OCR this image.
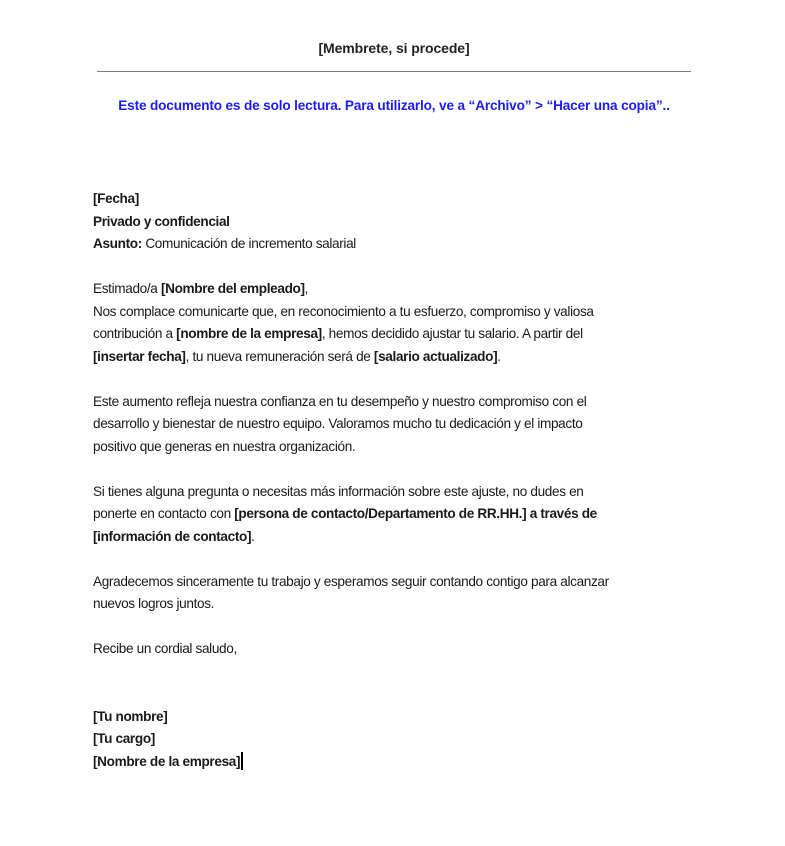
[Membrete, si procede]
Este documento es de solo lectura. Para utilizarlo, ve a “Archivo” > “Hacer una copia”..
[Fecha]
Privado y confidencial
Asunto: Comunicación de incremento salarial
Estimado/a [Nombre del empleado],
Nos complace comunicarte que, en reconocimiento a tu esfuerzo, compromiso y valiosa
contribución a [nombre de la empresa], hemos decidido ajustar tu salario. A partir del
[insertar fecha], tu nueva remuneración será de [salario actualizado].
Este aumento refleja nuestra confianza en tu desempeño y nuestro compromiso con el
desarrollo y bienestar de nuestro equipo. Valoramos mucho tu dedicación y el impacto
positivo que generas en nuestra organización.
Si tienes alguna pregunta o necesitas más información sobre este ajuste, no dudes en
ponerte en contacto con [persona de contacto/Departamento de RR.HH.] a través de
[información de contacto].
Agradecemos sinceramente tu trabajo y esperamos seguir contando contigo para alcanzar
nuevos logros juntos.
Recibe un cordial saludo,
[Tu nombre]
[Tu cargo]
[Nombre de la empresa]
